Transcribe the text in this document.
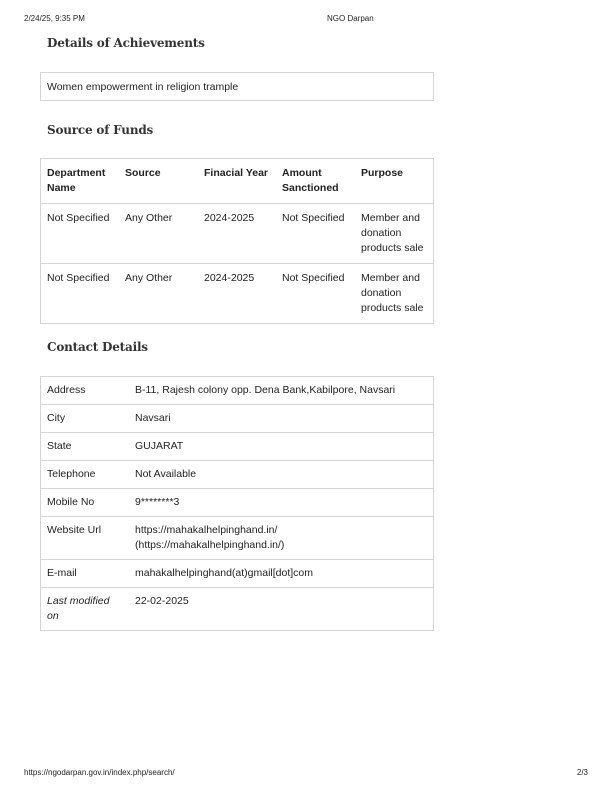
2/24/25, 9:35 PM	NGO Darpan
Details of Achievements
Women empowerment in religion trample
Source of Funds
Department Name	Source	Finacial Year	Amount Sanctioned	Purpose
Not Specified	Any Other	2024-2025	Not Specified	Member and donation products sale
Not Specified	Any Other	2024-2025	Not Specified	Member and donation products sale
Contact Details
Address	B-11, Rajesh colony opp. Dena Bank,Kabilpore, Navsari
City	Navsari
State	GUJARAT
Telephone	Not Available
Mobile No	9********3
Website Url	https://mahakalhelpinghand.in/
(https://mahakalhelpinghand.in/)

E-mail	mahakalhelpinghand(at)gmail[dot]com
Last modified on	22-02-2025
https://ngodarpan.gov.in/index.php/search/	2/3
